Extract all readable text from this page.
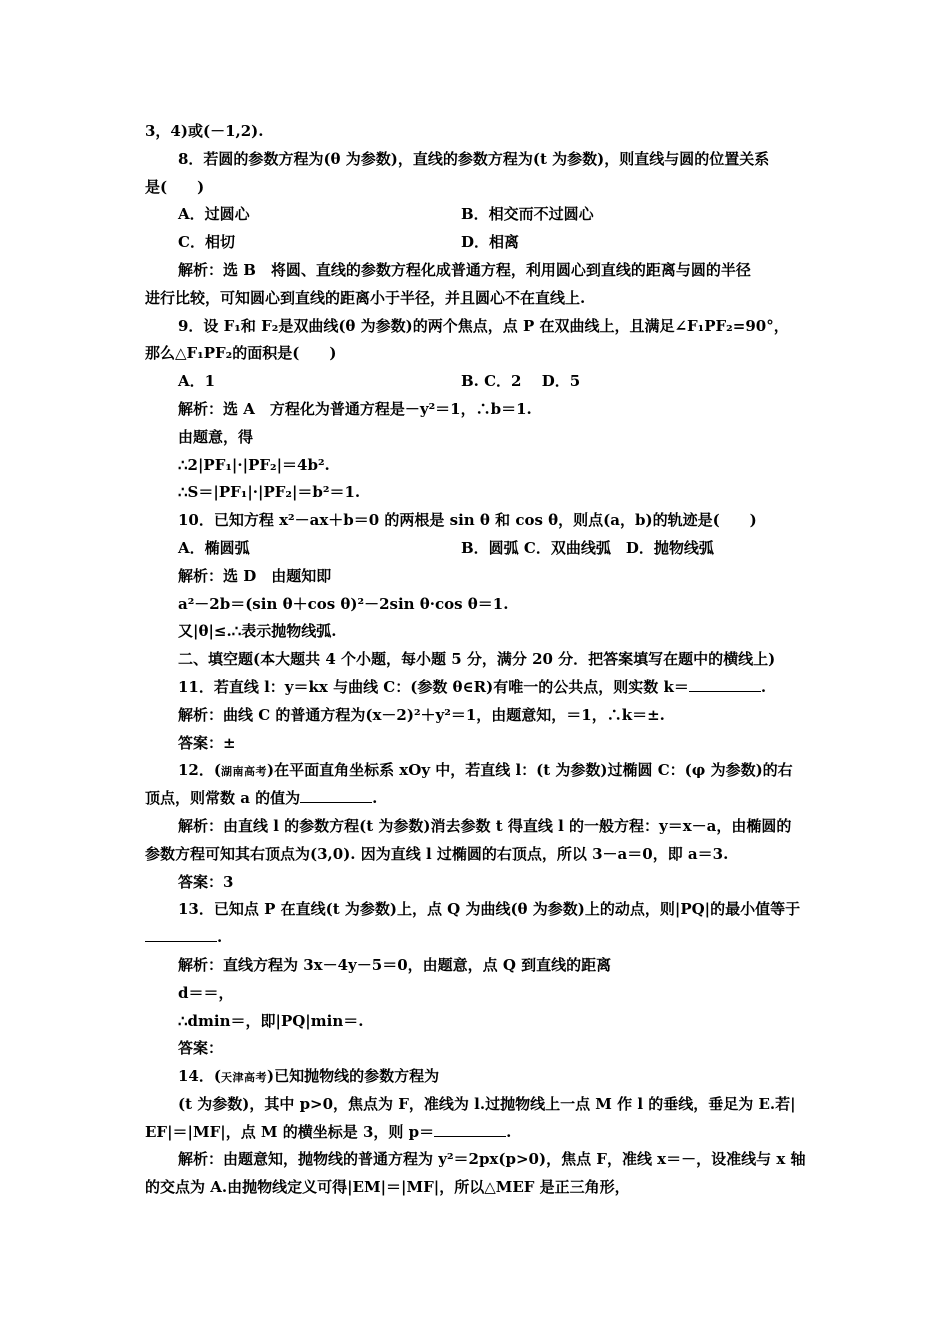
3，4)或(－1,2).
8．若圆的参数方程为(θ 为参数)，直线的参数方程为(t 为参数)，则直线与圆的位置关系
是(　　)
A．过圆心	B．相交而不过圆心
C．相切	D．相离
解析：选 B　将圆、直线的参数方程化成普通方程，利用圆心到直线的距离与圆的半径
进行比较，可知圆心到直线的距离小于半径，并且圆心不在直线上.
9．设 F₁和 F₂是双曲线(θ 为参数)的两个焦点，点 P 在双曲线上，且满足∠F₁PF₂=90°，
那么△F₁PF₂的面积是(　　)
A．1	B. C．2　 D．5
解析：选 A　方程化为普通方程是－y²＝1，∴b＝1.
由题意，得
∴2|PF₁|·|PF₂|＝4b².
∴S＝|PF₁|·|PF₂|＝b²＝1.
10．已知方程 x²－ax＋b＝0 的两根是 sin θ 和 cos θ，则点(a，b)的轨迹是(　　)
A．椭圆弧	B．圆弧 C．双曲线弧　D．抛物线弧
解析：选 D　由题知即
a²－2b＝(sin θ＋cos θ)²－2sin θ·cos θ＝1.
又|θ|≤.∴表示抛物线弧.
二、填空题(本大题共 4 个小题，每小题 5 分，满分 20 分．把答案填写在题中的横线上)
11．若直线 l：y＝kx 与曲线 C：(参数 θ∈R)有唯一的公共点，则实数 k＝	.
解析：曲线 C 的普通方程为(x－2)²＋y²＝1，由题意知，＝1，∴k＝±.
答案：±
12．(湖南高考)在平面直角坐标系 xOy 中，若直线 l：(t 为参数)过椭圆 C：(φ 为参数)的右
顶点，则常数 a 的值为	.
解析：由直线 l 的参数方程(t 为参数)消去参数 t 得直线 l 的一般方程：y＝x－a，由椭圆的
参数方程可知其右顶点为(3,0). 因为直线 l 过椭圆的右顶点，所以 3－a＝0，即 a＝3.
答案：3
13．已知点 P 在直线(t 为参数)上，点 Q 为曲线(θ 为参数)上的动点，则|PQ|的最小值等于
.
解析：直线方程为 3x－4y－5＝0，由题意，点 Q 到直线的距离
d＝＝，
∴dmin＝，即|PQ|min＝.
答案：
14．(天津高考)已知抛物线的参数方程为
(t 为参数)，其中 p>0，焦点为 F，准线为 l.过抛物线上一点 M 作 l 的垂线，垂足为 E.若|
EF|＝|MF|，点 M 的横坐标是 3，则 p＝	.
解析：由题意知，抛物线的普通方程为 y²＝2px(p>0)，焦点 F，准线 x＝－，设准线与 x 轴
的交点为 A.由抛物线定义可得|EM|＝|MF|，所以△MEF 是正三角形，
